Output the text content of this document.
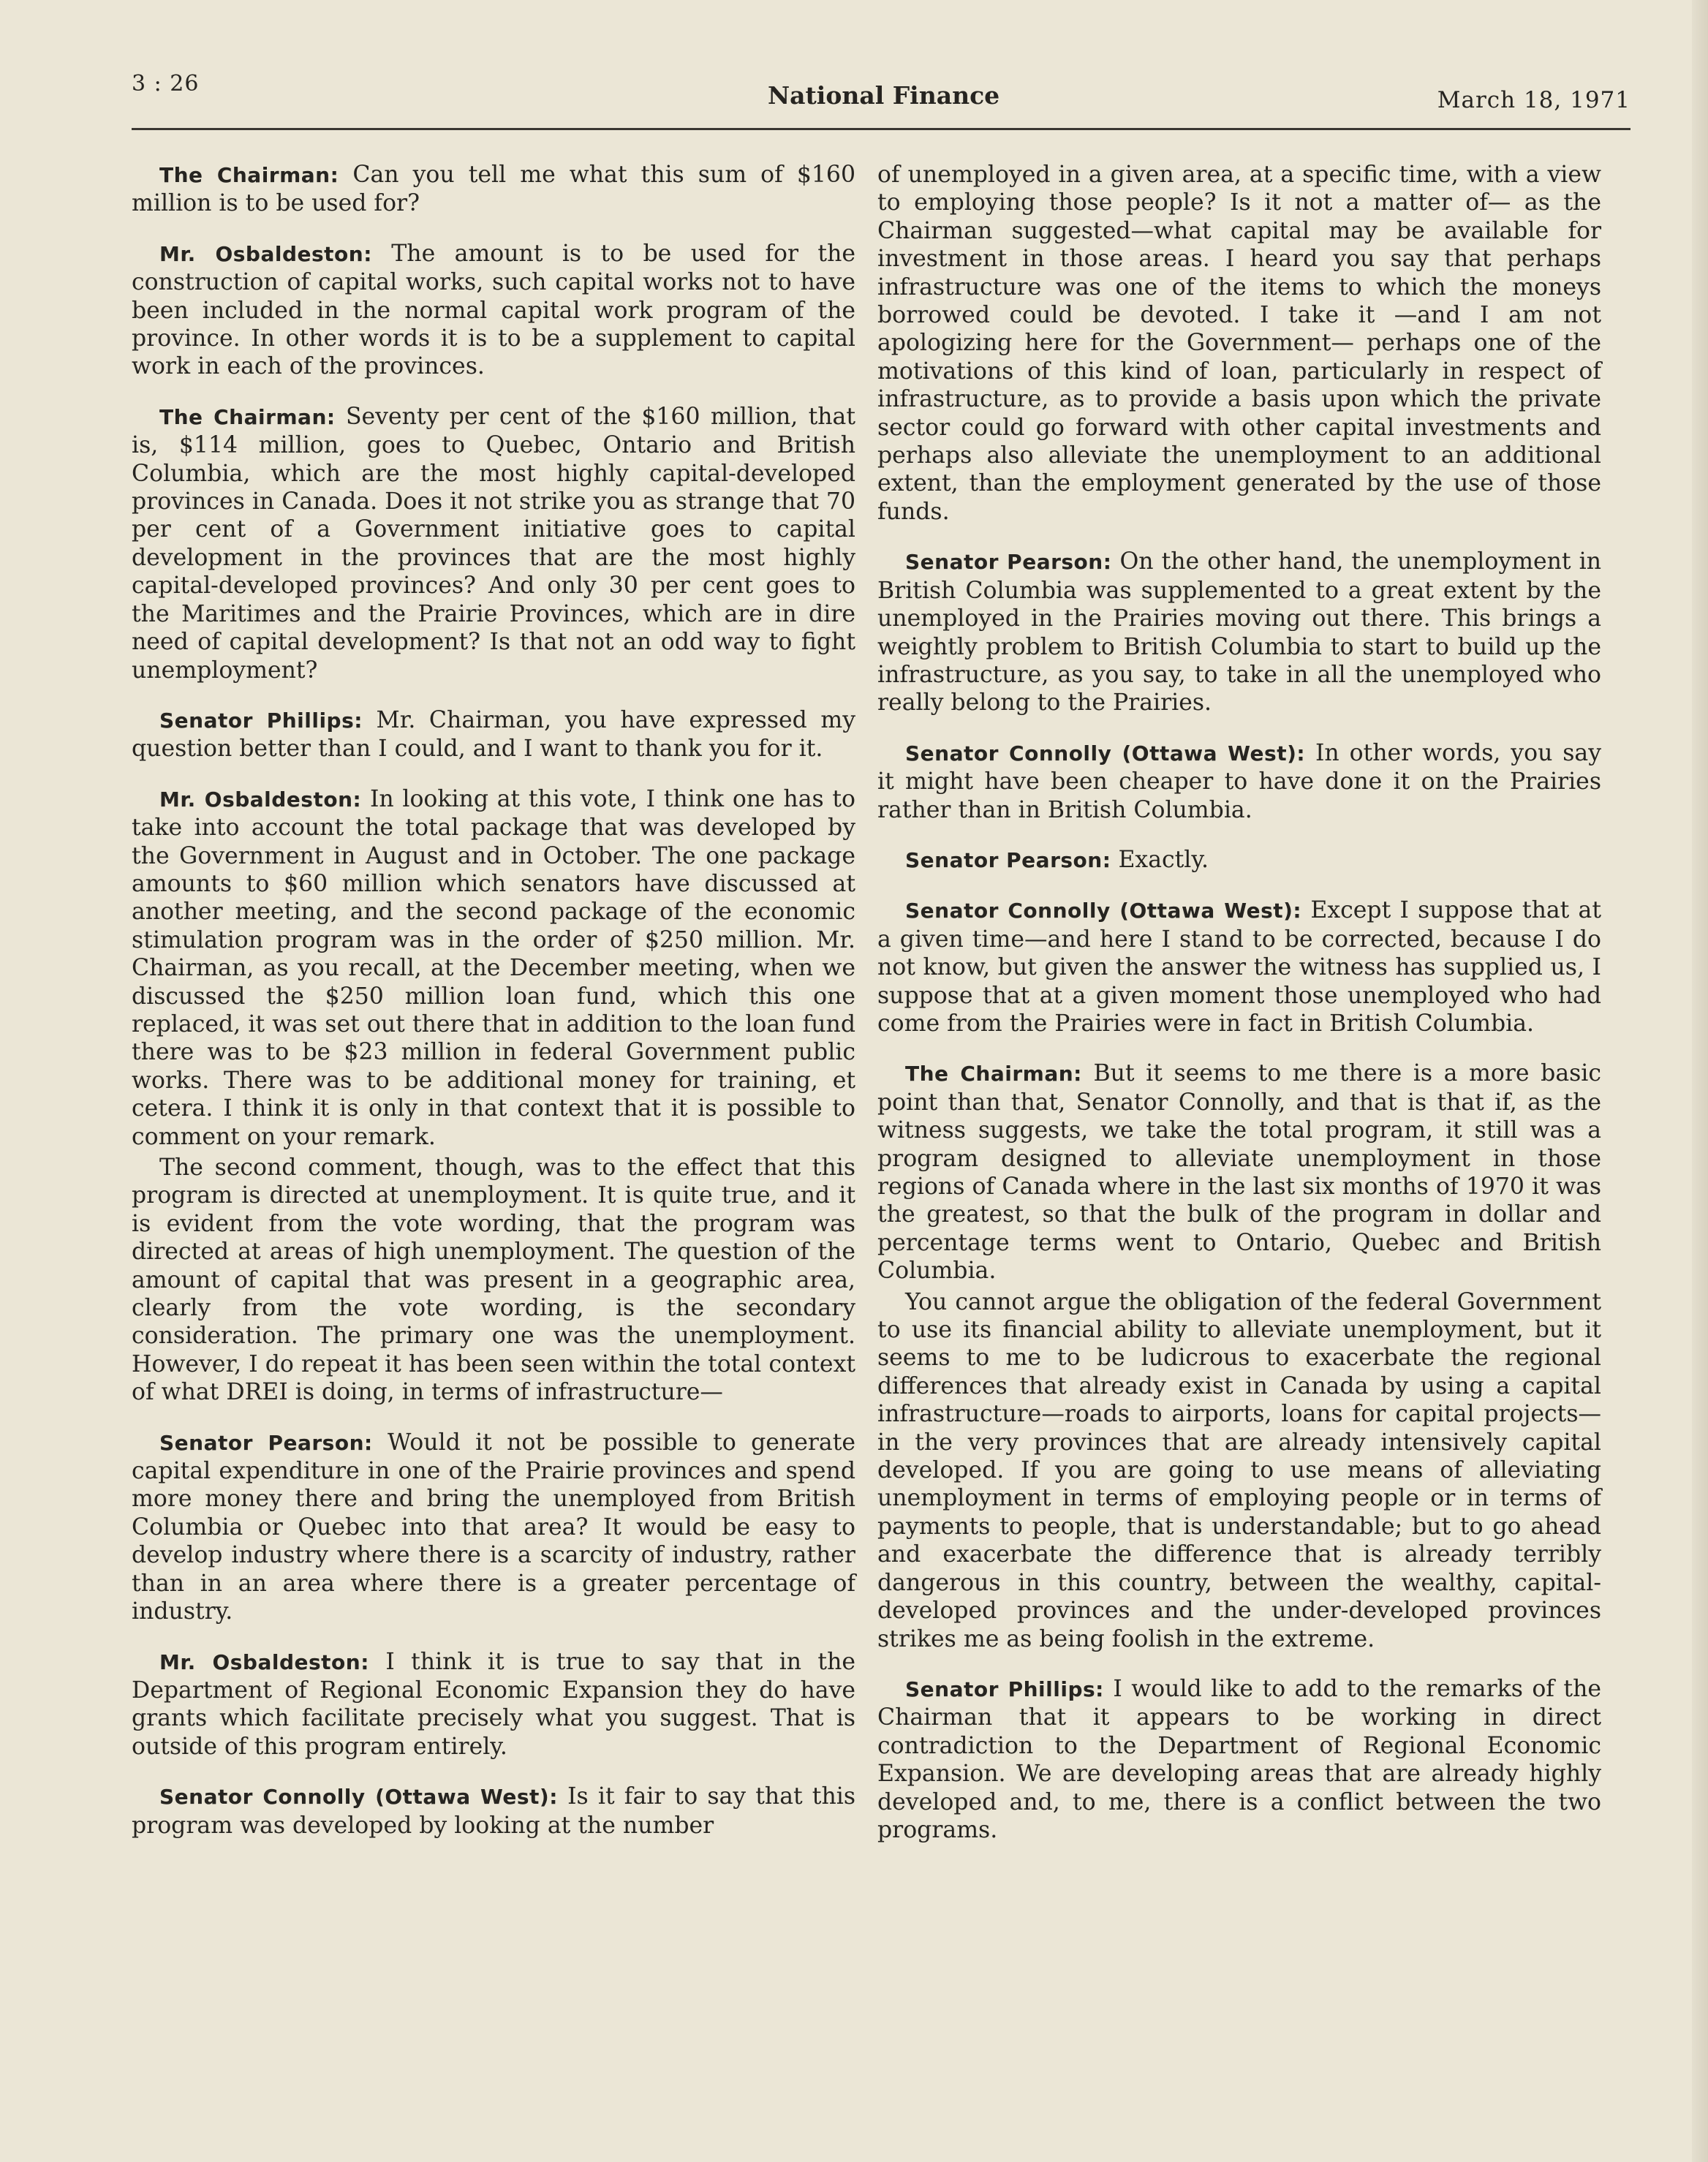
3 : 26	National Finance	March 18, 1971

The Chairman: Can you tell me what this sum of $160 million is to be used for?

Mr. Osbaldeston: The amount is to be used for the construction of capital works, such capital works not to have been included in the normal capital work program of the province. In other words it is to be a supplement to capital work in each of the provinces.

The Chairman: Seventy per cent of the $160 million, that is, $114 million, goes to Quebec, Ontario and British Columbia, which are the most highly capital-developed provinces in Canada. Does it not strike you as strange that 70 per cent of a Government initiative goes to capital development in the provinces that are the most highly capital-developed provinces? And only 30 per cent goes to the Maritimes and the Prairie Provinces, which are in dire need of capital development? Is that not an odd way to fight unemployment?

Senator Phillips: Mr. Chairman, you have expressed my question better than I could, and I want to thank you for it.

Mr. Osbaldeston: In looking at this vote, I think one has to take into account the total package that was developed by the Government in August and in October. The one package amounts to $60 million which senators have discussed at another meeting, and the second package of the economic stimulation program was in the order of $250 million. Mr. Chairman, as you recall, at the December meeting, when we discussed the $250 million loan fund, which this one replaced, it was set out there that in addition to the loan fund there was to be $23 million in federal Government public works. There was to be additional money for training, et cetera. I think it is only in that context that it is possible to comment on your remark.

The second comment, though, was to the effect that this program is directed at unemployment. It is quite true, and it is evident from the vote wording, that the program was directed at areas of high unemployment. The question of the amount of capital that was present in a geographic area, clearly from the vote wording, is the secondary consideration. The primary one was the unemployment. However, I do repeat it has been seen within the total context of what DREI is doing, in terms of infrastructure—

Senator Pearson: Would it not be possible to generate capital expenditure in one of the Prairie provinces and spend more money there and bring the unemployed from British Columbia or Quebec into that area? It would be easy to develop industry where there is a scarcity of industry, rather than in an area where there is a greater percentage of industry.

Mr. Osbaldeston: I think it is true to say that in the Department of Regional Economic Expansion they do have grants which facilitate precisely what you suggest. That is outside of this program entirely.

Senator Connolly (Ottawa West): Is it fair to say that this program was developed by looking at the number

of unemployed in a given area, at a specific time, with a view to employing those people? Is it not a matter of— as the Chairman suggested—what capital may be available for investment in those areas. I heard you say that perhaps infrastructure was one of the items to which the moneys borrowed could be devoted. I take it —and I am not apologizing here for the Government— perhaps one of the motivations of this kind of loan, particularly in respect of infrastructure, as to provide a basis upon which the private sector could go forward with other capital investments and perhaps also alleviate the unemployment to an additional extent, than the employment generated by the use of those funds.

Senator Pearson: On the other hand, the unemployment in British Columbia was supplemented to a great extent by the unemployed in the Prairies moving out there. This brings a weightly problem to British Columbia to start to build up the infrastructure, as you say, to take in all the unemployed who really belong to the Prairies.

Senator Connolly (Ottawa West): In other words, you say it might have been cheaper to have done it on the Prairies rather than in British Columbia.

Senator Pearson: Exactly.

Senator Connolly (Ottawa West): Except I suppose that at a given time—and here I stand to be corrected, because I do not know, but given the answer the witness has supplied us, I suppose that at a given moment those unemployed who had come from the Prairies were in fact in British Columbia.

The Chairman: But it seems to me there is a more basic point than that, Senator Connolly, and that is that if, as the witness suggests, we take the total program, it still was a program designed to alleviate unemployment in those regions of Canada where in the last six months of 1970 it was the greatest, so that the bulk of the program in dollar and percentage terms went to Ontario, Quebec and British Columbia.

You cannot argue the obligation of the federal Government to use its financial ability to alleviate unemployment, but it seems to me to be ludicrous to exacerbate the regional differences that already exist in Canada by using a capital infrastructure—roads to airports, loans for capital projects—in the very provinces that are already intensively capital developed. If you are going to use means of alleviating unemployment in terms of employing people or in terms of payments to people, that is understandable; but to go ahead and exacerbate the difference that is already terribly dangerous in this country, between the wealthy, capital-developed provinces and the under-developed provinces strikes me as being foolish in the extreme.

Senator Phillips: I would like to add to the remarks of the Chairman that it appears to be working in direct contradiction to the Department of Regional Economic Expansion. We are developing areas that are already highly developed and, to me, there is a conflict between the two programs.
